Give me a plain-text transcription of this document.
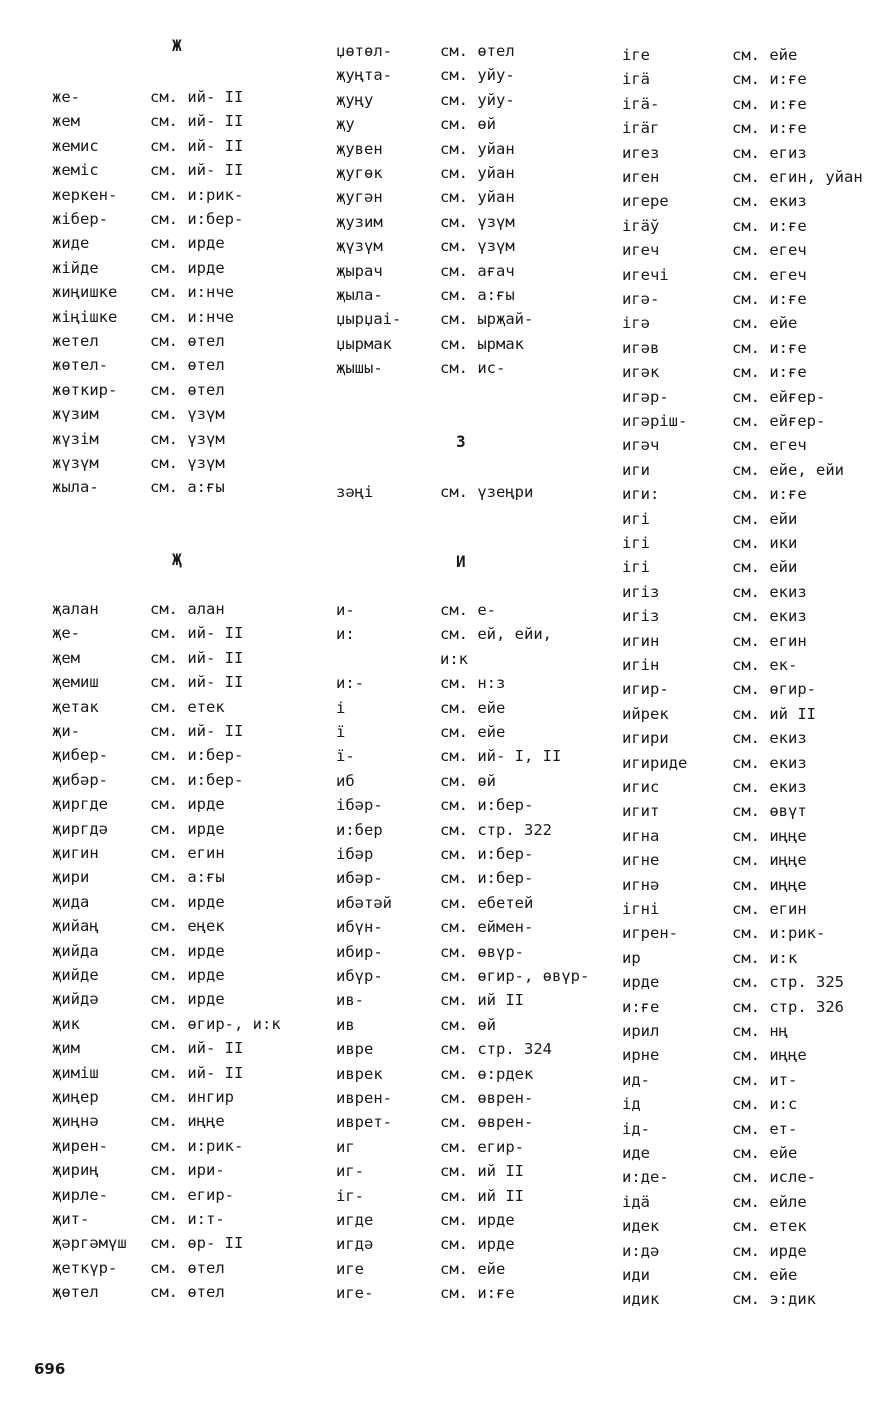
Ж
же-	см. ий- II
жем	см. ий- II
жемис	см. ий- II
жемiс	см. ий- II
жеркен- см. и:рик-
жiбер-	см. и:бер-
жиде	см. ирде
жiйде	см. ирде
жиңишке см. и:нче
жiңiшке см. и:нче
жетел	см. өтел
жөтел-	см. өтел
жөткир- см. өтел
жүзим	см. үзүм
жүзiм	см. үзүм
жүзүм	см. үзүм
жыла-	см. а:ғы
Җ
җалан	см. алан
җе-	см. ий- II
җем	см. ий- II
җемиш	см. ий- II
җетак	см. етек
җи-	см. ий- II
җибер-	см. и:бер-
җибәр-	см. и:бер-
җиргде	см. ирде
җиргдә	см. ирде
җигин	см. егин
җири	см. а:ғы
җида	см. ирде
җийаң	см. еңек
җийда	см. ирде
җийде	см. ирде
җийдә	см. ирде
җик	см. өгир-, и:к
җим	см. ий- II
җимiш	см. ий- II
җиңер	см. ингир
җиңнә	см. иңңе
җирен-	см. и:рик-
җириң	см. ири-
җирле-	см. егир-
җит-	см. и:т-
җәргәмүш см. өр- II
җеткүр- см. өтел
җөтел	см. өтел
џөтөл-	см. өтел
җуңта-	см. уйу-
җуңу	см. уйу-
җу	см. өй
җувен	см. уйан
җугөк	см. уйан
җугән	см. уйан
җузим	см. үзүм
җүзүм	см. үзүм
җырач	см. ағач
җыла-	см. а:ғы
џырџаi- см. ырҗай-
џырмак	см. ырмак
җышы-	см. ис-
З
зәңi	см. үзеңри
И
и-	см. е-
и:	см. ей, ейи,
и:к
и:-	см. н:з
i	см. ейе
ї	см. ейе
ї-	см. ий- I, II
иб	см. өй
iбәр-	см. и:бер-
и:бер	см. стр. 322
iбәр	см. и:бер-
ибәр-	см. и:бер-
ибәтәй	см. ебетей
ибүн-	см. еймен-
ибир-	см. өвүр-
ибүр-	см. өгир-, өвүр-
ив-	см. ий II
ив	см. өй
иврe	см. стр. 324
иврек	см. ө:рдек
иврен-	см. өврен-
иврет-	см. өврен-
иг	см. егир-
иг-	см. ий II
iг-	см. ий II
игде	см. ирде
игдә	см. ирде
иге	см. ейе
иге-	см. и:ғе
iге	см. ейе
iгä	см. и:ғе
iгä-	см. и:ғе
iгäг	см. и:ғе
игез	см. егиз
иген	см. егин, уйан
игере	см. екиз
iгäў	см. и:ғе
игеч	см. егеч
игечi	см. егеч
игә-	см. и:ғе
iгә	см. ейе
игәв	см. и:ғе
игәк	см. и:ғе
игәр-	см. ейғер-
игәрiш-	см. ейғер-
игәч	см. егеч
иги	см. ейе, ейи
иги:	см. и:ғе
игi	см. ейи
iгi	см. ики
iгi	см. ейи
игiз	см. екиз
игiз	см. екиз
игин	см. егин
игiн	см. ек-
игир-	см. өгир-
ийрек	см. ий II
игири	см. екиз
игириде	см. екиз
игис	см. екиз
игит	см. өвүт
игна	см. иңңе
игне	см. иңңе
игнә	см. иңңе
iгнi	см. егин
игрен-	см. и:рик-
ир	см. и:к
ирде	см. стр. 325
и:ғе	см. стр. 326
ирил	см. нң
ирне	см. иңңе
ид-	см. ит-
iд	см. и:с
iд-	см. ет-
иде	см. ейе
и:де-	см. исле-
iдä	см. ейле
идек	см. етек
и:дә	см. ирде
иди	см. ейе
идик	см. э:дик
696
